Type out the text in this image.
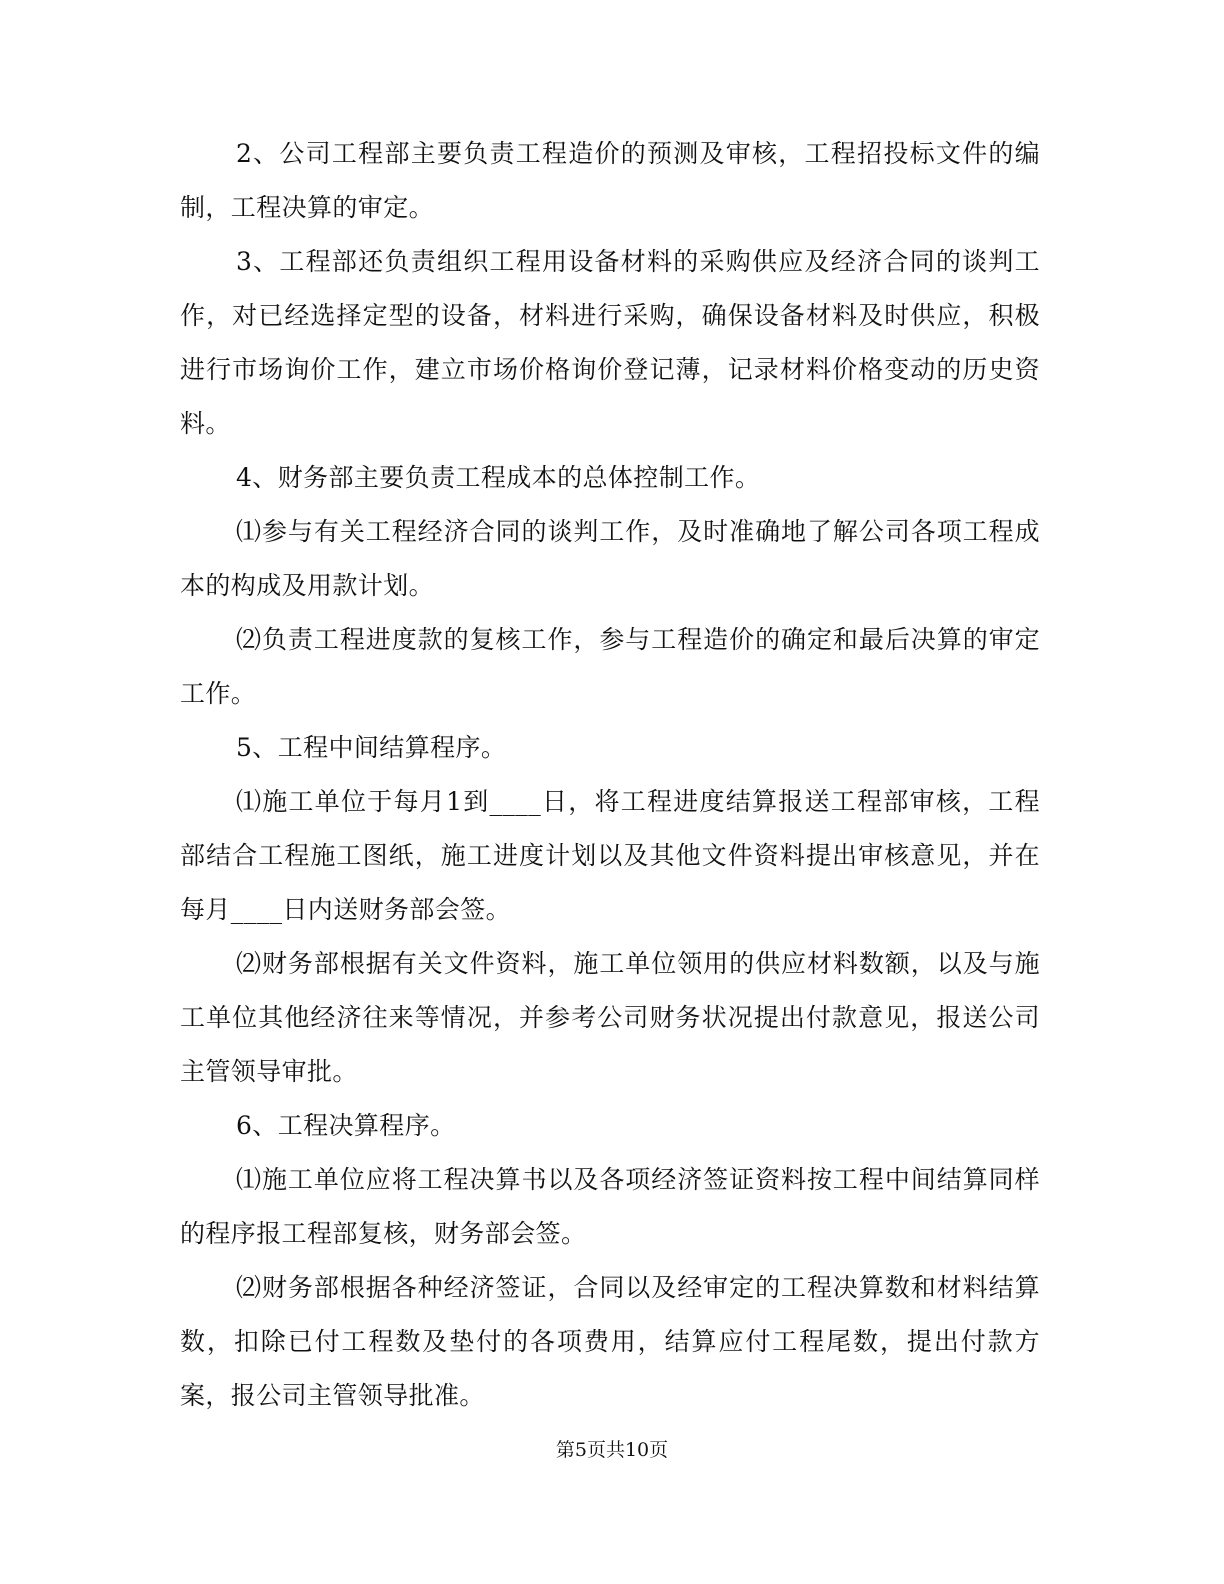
2、公司工程部主要负责工程造价的预测及审核，工程招投标文件的编制，工程决算的审定。

3、工程部还负责组织工程用设备材料的采购供应及经济合同的谈判工作，对已经选择定型的设备，材料进行采购，确保设备材料及时供应，积极进行市场询价工作，建立市场价格询价登记薄，记录材料价格变动的历史资料。

4、财务部主要负责工程成本的总体控制工作。

⑴参与有关工程经济合同的谈判工作，及时准确地了解公司各项工程成本的构成及用款计划。

⑵负责工程进度款的复核工作，参与工程造价的确定和最后决算的审定工作。

5、工程中间结算程序。

⑴施工单位于每月1到____日，将工程进度结算报送工程部审核，工程部结合工程施工图纸，施工进度计划以及其他文件资料提出审核意见，并在每月____日内送财务部会签。

⑵财务部根据有关文件资料，施工单位领用的供应材料数额，以及与施工单位其他经济往来等情况，并参考公司财务状况提出付款意见，报送公司主管领导审批。

6、工程决算程序。

⑴施工单位应将工程决算书以及各项经济签证资料按工程中间结算同样的程序报工程部复核，财务部会签。

⑵财务部根据各种经济签证，合同以及经审定的工程决算数和材料结算数，扣除已付工程数及垫付的各项费用，结算应付工程尾数，提出付款方案，报公司主管领导批准。

第5页共10页
